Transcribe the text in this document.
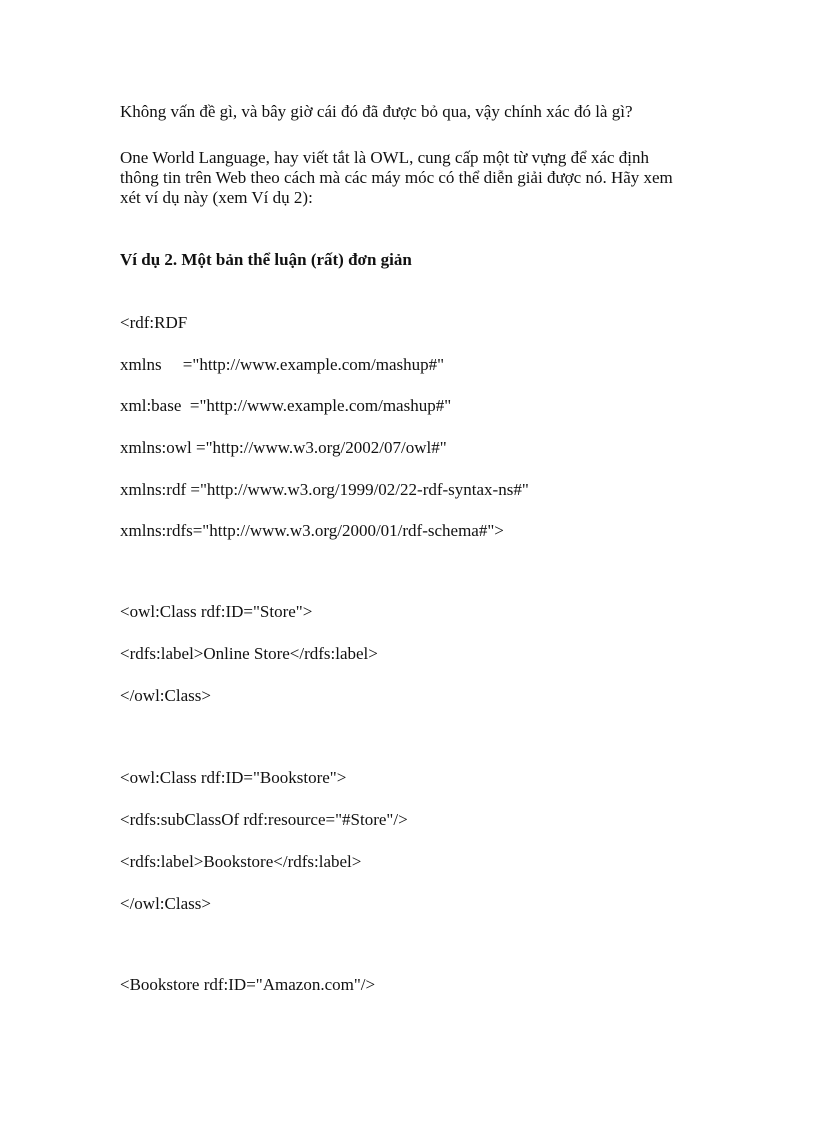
Không vấn đề gì, và bây giờ cái đó đã được bỏ qua, vậy chính xác đó là gì?
One World Language, hay viết tắt là OWL, cung cấp một từ vựng để xác định
thông tin trên Web theo cách mà các máy móc có thể diễn giải được nó. Hãy xem
xét ví dụ này (xem Ví dụ 2):
Ví dụ 2. Một bản thể luận (rất) đơn giản
<rdf:RDF
xmlns     ="http://www.example.com/mashup#"
xml:base  ="http://www.example.com/mashup#"
xmlns:owl ="http://www.w3.org/2002/07/owl#"
xmlns:rdf ="http://www.w3.org/1999/02/22-rdf-syntax-ns#"
xmlns:rdfs="http://www.w3.org/2000/01/rdf-schema#">
<owl:Class rdf:ID="Store">
<rdfs:label>Online Store</rdfs:label>
</owl:Class>
<owl:Class rdf:ID="Bookstore">
<rdfs:subClassOf rdf:resource="#Store"/>
<rdfs:label>Bookstore</rdfs:label>
</owl:Class>
<Bookstore rdf:ID="Amazon.com"/>
